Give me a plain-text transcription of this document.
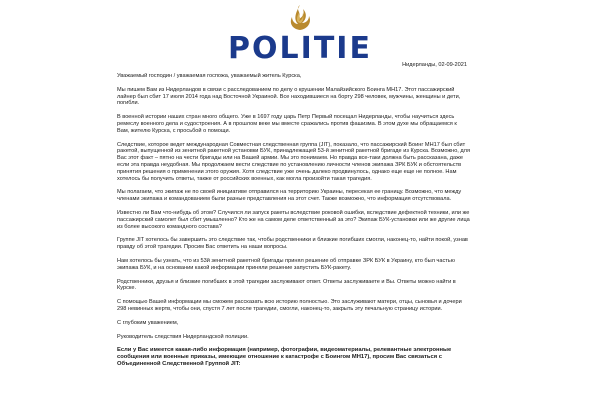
POLITIE	Нидерланды, 02-09-2021

Уважаемый господин / уважаемая госпожа, уважаемый житель Курска,

Мы пишем Вам из Нидерландов в связи с расследованием по делу о крушении Малайзийского Боинга MH17. Этот пассажирский лайнер был сбит 17 июля 2014 года над Восточной Украиной. Все находившиеся на борту 298 человек, мужчины, женщины и дети, погибли.

В военной истории наших стран много общего. Уже в 1697 году царь Петр Первый посещал Нидерланды, чтобы научиться здесь ремеслу военного дела и судостроения. А в прошлом веке мы вместе сражались против фашизма. В этом духе мы обращаемся к Вам, жителю Курска, с просьбой о помощи.

Следствие, которое ведет международная Совместная следственная группа (JIT), показало, что пассажирский Боинг MH17 был сбит ракетой, выпущенной из зенитной ракетной установки БУК, принадлежащей 53-й зенитной ракетной бригаде из Курска. Возможно, для Вас этот факт – пятно на чести бригады или на Вашей армии. Мы это понимаем. Но правда все-таки должна быть рассказана, даже если эта правда неудобная. Мы продолжаем вести следствие по установлению личности членов экипажа ЗРК БУК и обстоятельств принятия решения о применении этого оружия. Хотя следствие уже очень далеко продвинулось, однако еще еще не полное. Нам хотелось бы получить ответы, также от российских военных, как могла произойти такая трагедия.

Мы полагаем, что экипаж не по своей инициативе отправился на территорию Украины, пересекая ее границу. Возможно, что между членами экипажа и командованием были разные представления на этот счет. Также возможно, что информация отсутствовала.

Известно ли Вам что-нибудь об этом? Случился ли запуск ракеты вследствие роковой ошибки, вследствие дефектной техники, или же пассажирский самолет был сбит умышленно? Кто же на самом деле ответственный за это? Экипаж БУК-установки или же другие лица из более высокого командного состава?

Группе JIT хотелось бы завершить это следствие так, чтобы родственники и близкие погибших смогли, наконец-то, найти покой, узнав правду об этой трагедии. Просим Вас ответить на наши вопросы.

Нам хотелось бы узнать, что из 53й зенитной ракетной бригады принял решение об отправке ЗРК БУК в Украину, кто был частью экипажа БУК, и на основании какой информации приняли решение запустить БУК-ракету.

Родственники, друзья и близкие погибших в этой трагедии заслуживают ответ. Ответы заслуживаете и Вы. Ответы можно найти в Курске.

С помощью Вашей информации мы сможем рассказать всю историю полностью. Это заслуживают матери, отцы, сыновья и дочери 298 невинных жертв, чтобы они, спустя 7 лет после трагедии, смогли, наконец-то, закрыть эту печальную страницу истории.

С глубоким уважением,

Руководитель следствия Нидерландской полиции.

Если у Вас имеется какая-либо информация (например, фотографии, видеоматериалы, релевантные электронные сообщения или военные приказы, имеющие отношение к катастрофе с Боингом MH17), просим Вас связаться с Объединенной Следственной Группой JIT:
